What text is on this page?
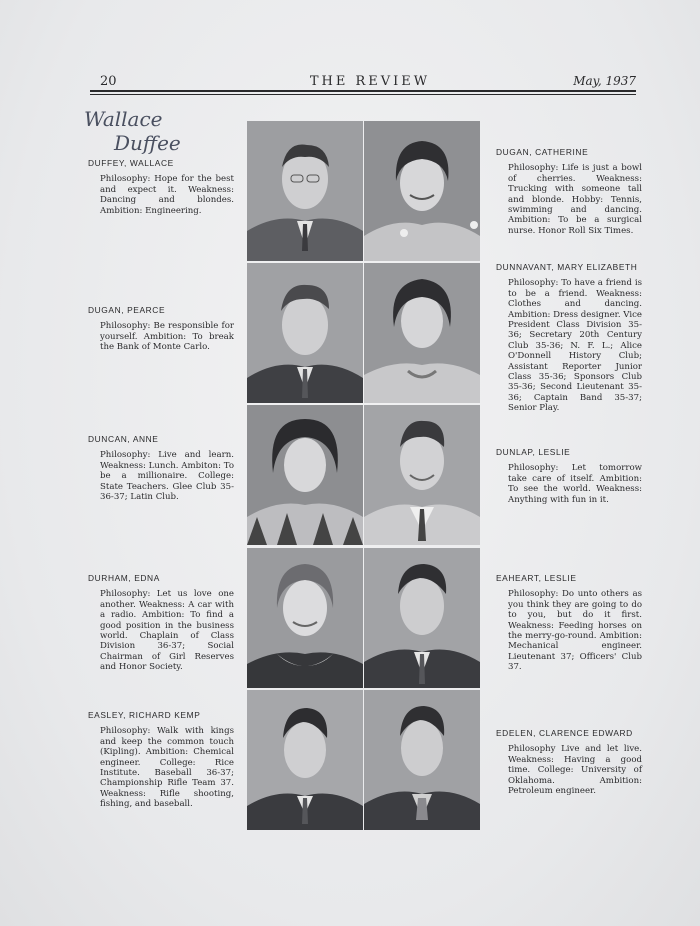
20	THE REVIEW	May, 1937
Wallace
Duffee
DUFFEY, WALLACE
Philosophy: Hope for the best and expect it. Weakness: Dancing and blondes. Ambition: Engineering.
DUGAN, PEARCE
Philosophy: Be responsible for yourself. Ambition: To break the Bank of Monte Carlo.
DUNCAN, ANNE
Philosophy: Live and learn. Weakness: Lunch. Ambiton: To be a millionaire. College: State Teachers. Glee Club 35-36-37; Latin Club.
DURHAM, EDNA
Philosophy: Let us love one another. Weakness: A car with a radio. Ambition: To find a good position in the business world. Chaplain of Class Division 36-37; Social Chairman of Girl Reserves and Honor Society.
EASLEY, RICHARD KEMP
Philosophy: Walk with kings and keep the common touch (Kipling). Ambition: Chemical engineer. College: Rice Institute. Baseball 36-37; Championship Rifle Team 37. Weakness: Rifle shooting, fishing, and baseball.
DUGAN, CATHERINE
Philosophy: Life is just a bowl of cherries. Weakness: Trucking with someone tall and blonde. Hobby: Tennis, swimming and dancing. Ambition: To be a surgical nurse. Honor Roll Six Times.
DUNNAVANT, MARY ELIZABETH
Philosophy: To have a friend is to be a friend. Weakness: Clothes and dancing. Ambition: Dress designer. Vice President Class Division 35-36; Secretary 20th Century Club 35-36; N. F. L.; Alice O'Donnell History Club; Assistant Reporter Junior Class 35-36; Sponsors Club 35-36; Second Lieutenant 35-36; Captain Band 35-37; Senior Play.
DUNLAP, LESLIE
Philosophy: Let tomorrow take care of itself. Ambition: To see the world. Weakness: Anything with fun in it.
EAHEART, LESLIE
Philosophy: Do unto others as you think they are going to do to you, but do it first. Weakness: Feeding horses on the merry-go-round. Ambition: Mechanical engineer. Lieutenant 37; Officers' Club 37.
EDELEN, CLARENCE EDWARD
Philosophy Live and let live. Weakness: Having a good time. College: University of Oklahoma. Ambition: Petroleum engineer.
